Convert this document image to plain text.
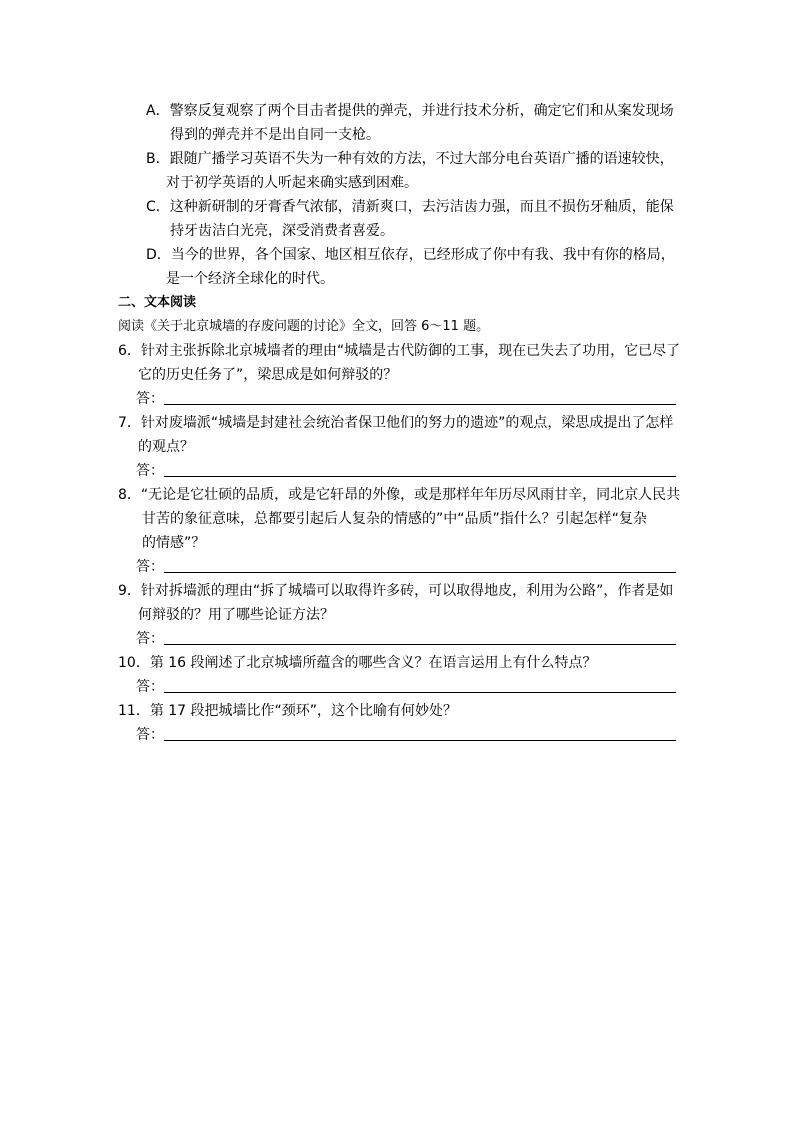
A．警察反复观察了两个目击者提供的弹壳，并进行技术分析，确定它们和从案发现场
得到的弹壳并不是出自同一支枪。
B．跟随广播学习英语不失为一种有效的方法，不过大部分电台英语广播的语速较快，
对于初学英语的人听起来确实感到困难。
C．这种新研制的牙膏香气浓郁，清新爽口，去污洁齿力强，而且不损伤牙釉质，能保
持牙齿洁白光亮，深受消费者喜爱。
D．当今的世界，各个国家、地区相互依存，已经形成了你中有我、我中有你的格局，
是一个经济全球化的时代。
二、文本阅读
阅读《关于北京城墙的存废问题的讨论》全文，回答 6～11 题。
6．针对主张拆除北京城墙者的理由“城墙是古代防御的工事，现在已失去了功用，它已尽了
它的历史任务了”，梁思成是如何辩驳的？
答：
7．针对废墙派“城墙是封建社会统治者保卫他们的努力的遗迹”的观点，梁思成提出了怎样
的观点？
答：
8．“无论是它壮硕的品质，或是它轩昂的外像，或是那样年年历尽风雨甘辛，同北京人民共
甘苦的象征意味，总都要引起后人复杂的情感的”中“品质”指什么？引起怎样“复杂
的情感”？
答：
9．针对拆墙派的理由“拆了城墙可以取得许多砖，可以取得地皮，利用为公路”，作者是如
何辩驳的？用了哪些论证方法？
答：
10．第 16 段阐述了北京城墙所蕴含的哪些含义？在语言运用上有什么特点？
答：
11．第 17 段把城墙比作“颈环”，这个比喻有何妙处？
答：
